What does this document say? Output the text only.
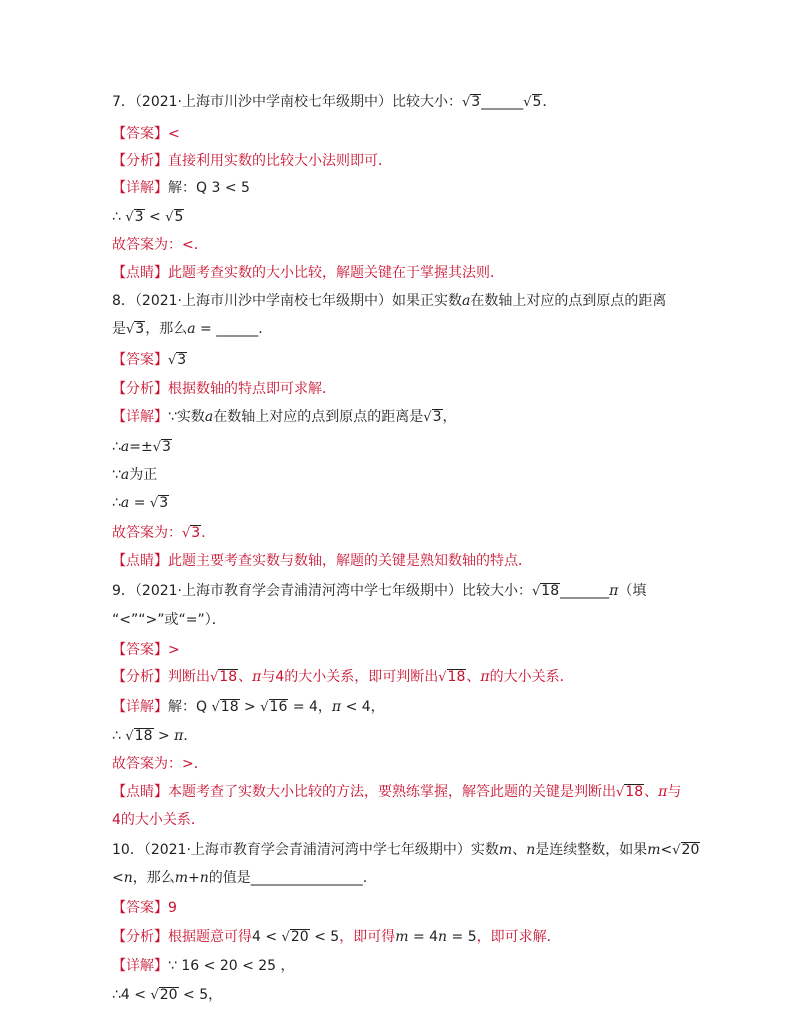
7．（2021·上海市川沙中学南校七年级期中）比较大小：√3______√5．
【答案】<
【分析】直接利用实数的比较大小法则即可．
【详解】解：Q 3 < 5
∴ √3 < √5
故答案为：<．
【点睛】此题考查实数的大小比较，解题关键在于掌握其法则．
8．（2021·上海市川沙中学南校七年级期中）如果正实数a在数轴上对应的点到原点的距离
是√3，那么a = ______.
【答案】√3
【分析】根据数轴的特点即可求解．
【详解】∵实数a在数轴上对应的点到原点的距离是√3，
∴a=±√3
∵a为正
∴a = √3
故答案为：√3．
【点睛】此题主要考查实数与数轴，解题的关键是熟知数轴的特点．
9．（2021·上海市教育学会青浦清河湾中学七年级期中）比较大小：√18_______π（填
“<”“>”或“=”）．
【答案】>
【分析】判断出√18、π与4的大小关系，即可判断出√18、π的大小关系．
【详解】解：Q √18 > √16 = 4，π < 4，
∴ √18 > π．
故答案为：>．
【点睛】本题考查了实数大小比较的方法，要熟练掌握，解答此题的关键是判断出√18、π与
4的大小关系．
10．（2021·上海市教育学会青浦清河湾中学七年级期中）实数m、n是连续整数，如果m<√20
<n，那么m+n的值是________________.
【答案】9
【分析】根据题意可得4 < √20 < 5，即可得m = 4n = 5，即可求解．
【详解】∵ 16 < 20 < 25 ，
∴4 < √20 < 5，
